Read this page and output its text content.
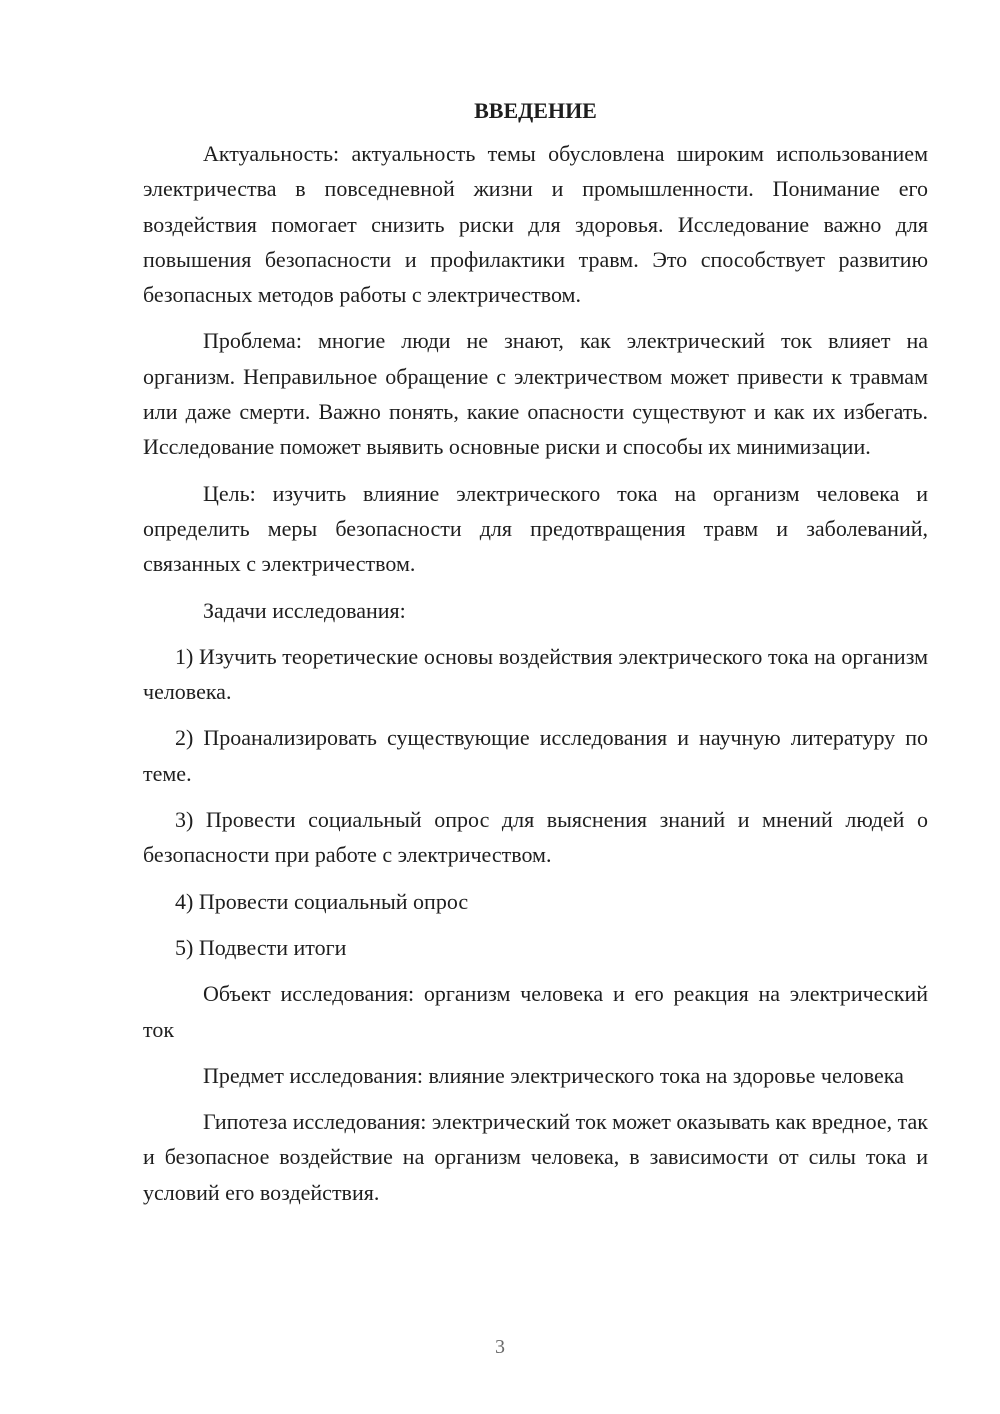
ВВЕДЕНИЕ

Актуальность: актуальность темы обусловлена широким использованием электричества в повседневной жизни и промышленности. Понимание его воздействия помогает снизить риски для здоровья. Исследование важно для повышения безопасности и профилактики травм. Это способствует развитию безопасных методов работы с электричеством.

Проблема: многие люди не знают, как электрический ток влияет на организм. Неправильное обращение с электричеством может привести к травмам или даже смерти. Важно понять, какие опасности существуют и как их избегать. Исследование поможет выявить основные риски и способы их минимизации.

Цель: изучить влияние электрического тока на организм человека и определить меры безопасности для предотвращения травм и заболеваний, связанных с электричеством.

Задачи исследования:

1) Изучить теоретические основы воздействия электрического тока на организм человека.

2) Проанализировать существующие исследования и научную литературу по теме.

3) Провести социальный опрос для выяснения знаний и мнений людей о безопасности при работе с электричеством.

4) Провести социальный опрос

5) Подвести итоги

Объект исследования: организм человека и его реакция на электрический ток

Предмет исследования: влияние электрического тока на здоровье человека

Гипотеза исследования: электрический ток может оказывать как вредное, так и безопасное воздействие на организм человека, в зависимости от силы тока и условий его воздействия.

3
